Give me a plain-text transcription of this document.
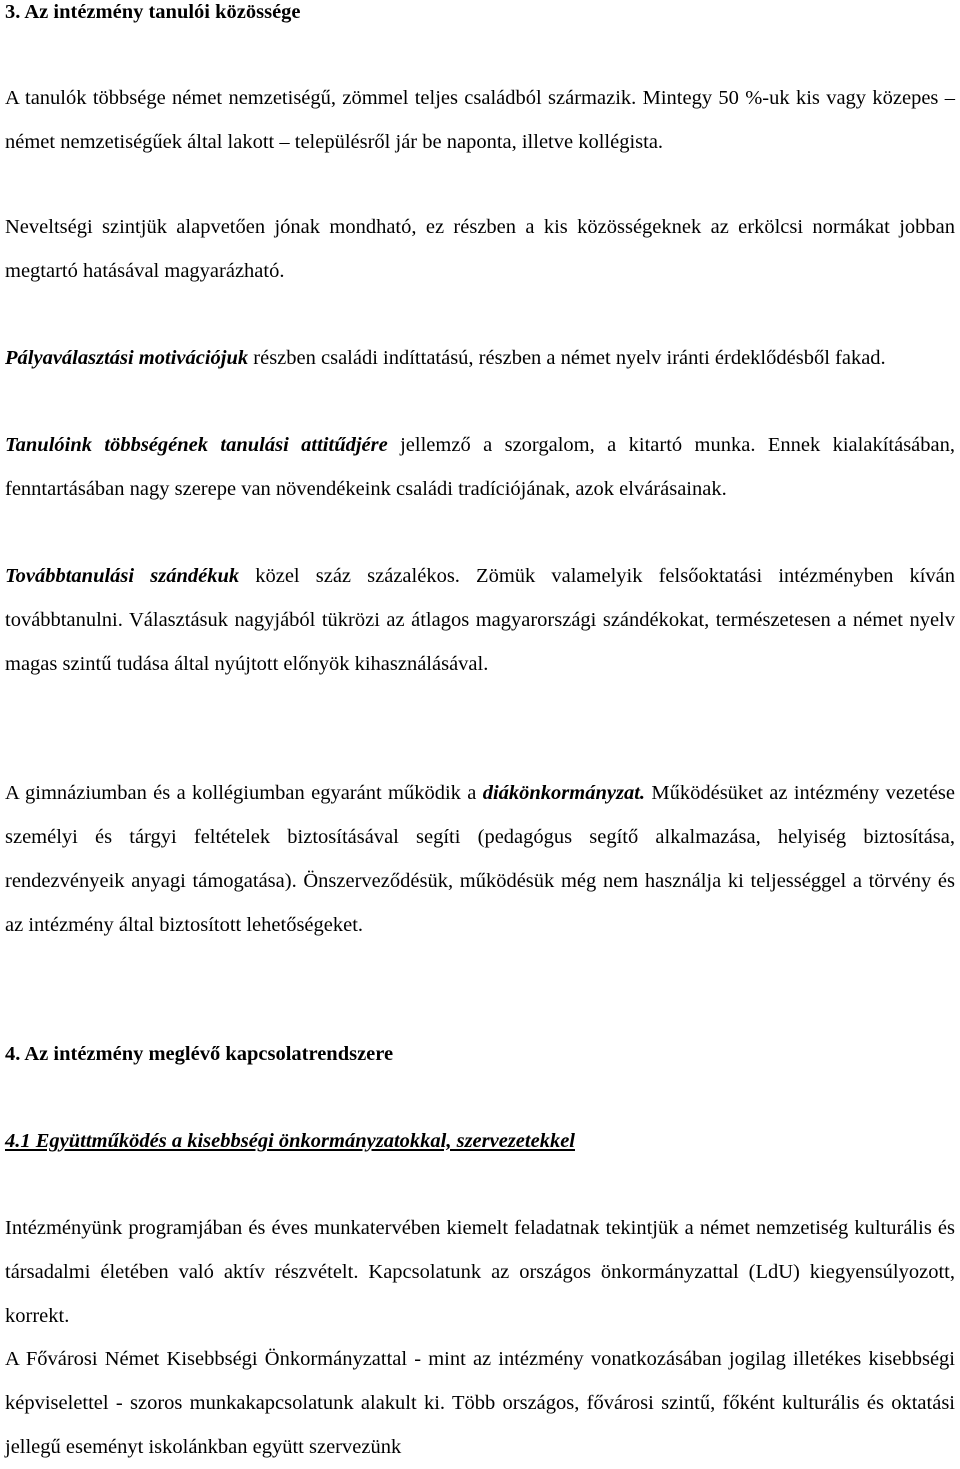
3. Az intézmény tanulói közössége

A tanulók többsége német nemzetiségű, zömmel teljes családból származik. Mintegy 50 %-uk kis vagy közepes – német nemzetiségűek által lakott – településről jár be naponta, illetve kollégista.

Neveltségi szintjük alapvetően jónak mondható, ez részben a kis közösségeknek az erkölcsi normákat jobban megtartó hatásával magyarázható.

Pályaválasztási motivációjuk részben családi indíttatású, részben a német nyelv iránti érdeklődésből fakad.

Tanulóink többségének tanulási attitűdjére jellemző a szorgalom, a kitartó munka. Ennek kialakításában, fenntartásában nagy szerepe van növendékeink családi tradíciójának, azok elvárásainak.

Továbbtanulási szándékuk közel száz százalékos. Zömük valamelyik felsőoktatási intézményben kíván továbbtanulni. Választásuk nagyjából tükrözi az átlagos magyarországi szándékokat, természetesen a német nyelv magas szintű tudása által nyújtott előnyök kihasználásával.

A gimnáziumban és a kollégiumban egyaránt működik a diákönkormányzat. Működésüket az intézmény vezetése személyi és tárgyi feltételek biztosításával segíti (pedagógus segítő alkalmazása, helyiség biztosítása, rendezvényeik anyagi támogatása). Önszerveződésük, működésük még nem használja ki teljességgel a törvény és az intézmény által biztosított lehetőségeket.

4. Az intézmény meglévő kapcsolatrendszere
4.1 Együttműködés a kisebbségi önkormányzatokkal, szervezetekkel

Intézményünk programjában és éves munkatervében kiemelt feladatnak tekintjük a német nemzetiség kulturális és társadalmi életében való aktív részvételt. Kapcsolatunk az országos önkormányzattal (LdU) kiegyensúlyozott, korrekt.

A Fővárosi Német Kisebbségi Önkormányzattal - mint az intézmény vonatkozásában jogilag illetékes kisebbségi képviselettel - szoros munkakapcsolatunk alakult ki. Több országos, fővárosi szintű, főként kulturális és oktatási jellegű eseményt iskolánkban együtt szervezünk
